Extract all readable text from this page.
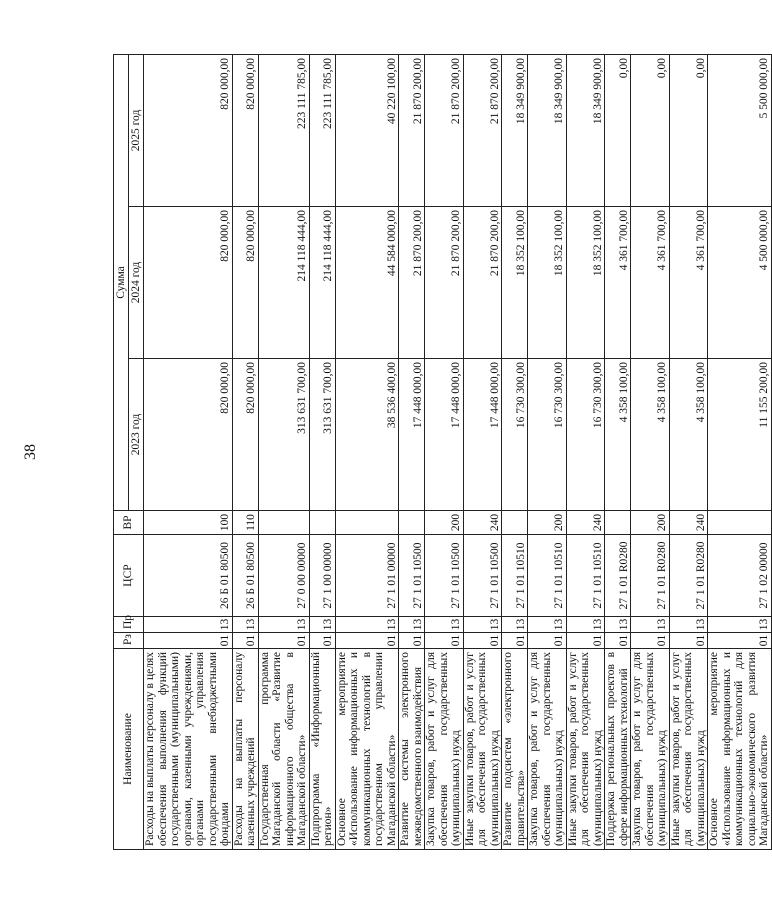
38
Наименование	Рз	Пр	ЦСР	ВР	Сумма		
					2023 год	2024 год	2025 год
Расходы на выплаты персоналу в целях обеспечения выполнения функций государственными (муниципальными) органами, казенными учреждениями, органами управления государственными внебюджетными фондами	01	13	26 Б 01 80500	100	820 000,00	820 000,00	820 000,00
Расходы на выплаты персоналу казенных учреждений	01	13	26 Б 01 80500	110	820 000,00	820 000,00	820 000,00
Государственная программа Магаданской области «Развитие информационного общества в Магаданской области»	01	13	27 0 00 00000		313 631 700,00	214 118 444,00	223 111 785,00
Подпрограмма «Информационный регион»	01	13	27 1 00 00000		313 631 700,00	214 118 444,00	223 111 785,00
Основное мероприятие «Использование информационных и коммуникационных технологий в государственном управлении Магаданской области»	01	13	27 1 01 00000		38 536 400,00	44 584 000,00	40 220 100,00
Развитие системы электронного межведомственного взаимодействия	01	13	27 1 01 10500		17 448 000,00	21 870 200,00	21 870 200,00
Закупка товаров, работ и услуг для обеспечения государственных (муниципальных) нужд	01	13	27 1 01 10500	200	17 448 000,00	21 870 200,00	21 870 200,00
Иные закупки товаров, работ и услуг для обеспечения государственных (муниципальных) нужд	01	13	27 1 01 10500	240	17 448 000,00	21 870 200,00	21 870 200,00
Развитие подсистем «электронного правительства»	01	13	27 1 01 10510		16 730 300,00	18 352 100,00	18 349 900,00
Закупка товаров, работ и услуг для обеспечения государственных (муниципальных) нужд	01	13	27 1 01 10510	200	16 730 300,00	18 352 100,00	18 349 900,00
Иные закупки товаров, работ и услуг для обеспечения государственных (муниципальных) нужд	01	13	27 1 01 10510	240	16 730 300,00	18 352 100,00	18 349 900,00
Поддержка региональных проектов в сфере информационных технологий	01	13	27 1 01 R0280		4 358 100,00	4 361 700,00	0,00
Закупка товаров, работ и услуг для обеспечения государственных (муниципальных) нужд	01	13	27 1 01 R0280	200	4 358 100,00	4 361 700,00	0,00
Иные закупки товаров, работ и услуг для обеспечения государственных (муниципальных) нужд	01	13	27 1 01 R0280	240	4 358 100,00	4 361 700,00	0,00
Основное мероприятие «Использование информационных и коммуникационных технологий для социально-экономического развития Магаданской области»	01	13	27 1 02 00000		11 155 200,00	4 500 000,00	5 500 000,00
